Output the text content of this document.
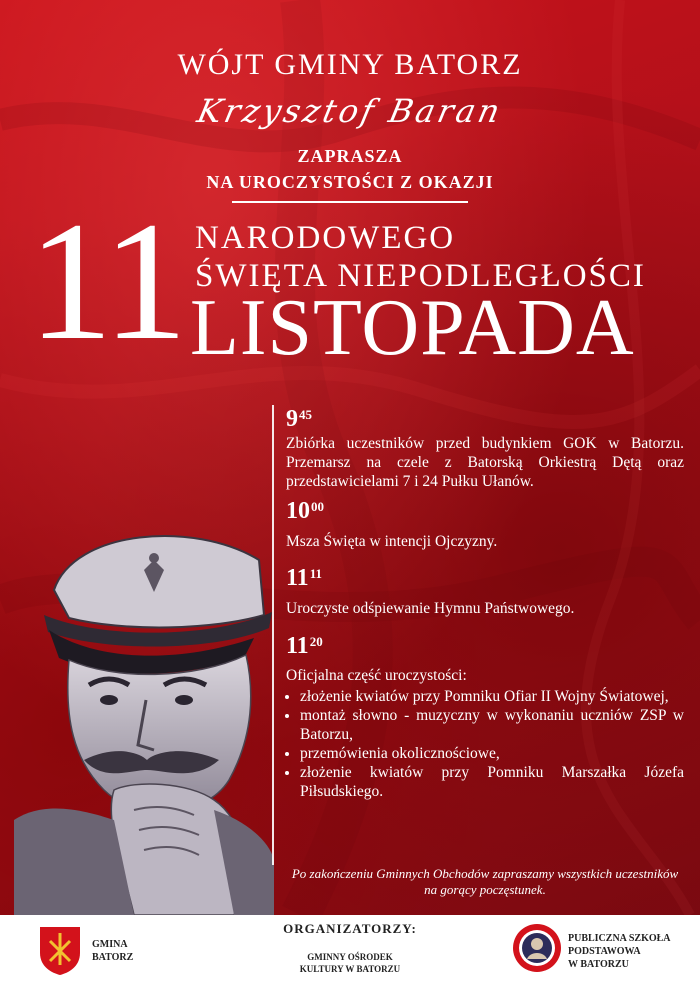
WÓJT GMINY BATORZ
Krzysztof Baran
ZAPRASZA
NA UROCZYSTOŚCI Z OKAZJI
11 NARODOWEGO
ŚWIĘTA NIEPODLEGŁOŚCI
LISTOPADA
$9^{45}$
Zbiórka uczestników przed budynkiem GOK w Batorzu. Przemarsz na czele z Batorską Orkiestrą Dętą oraz przedstawicielami 7 i 24 Pułku Ułanów.
$10^{00}$
Msza Święta w intencji Ojczyzny.
$11^{11}$
Uroczyste odśpiewanie Hymnu Państwowego.
$11^{20}$
Oficjalna część uroczystości:
• złożenie kwiatów przy Pomniku Ofiar II Wojny Światowej,
• montaż słowno - muzyczny w wykonaniu uczniów ZSP w Batorzu,
• przemówienia okolicznościowe,
• złożenie kwiatów przy Pomniku Marszałka Józefa Piłsudskiego.
Po zakończeniu Gminnych Obchodów zapraszamy wszystkich uczestników na gorący poczęstunek.
ORGANIZATORZY:
GMINA
BATORZ	GMINNY OŚRODEK
KULTURY W BATORZU
PUBLICZNA SZKOŁA
PODSTAWOWA
W BATORZU
